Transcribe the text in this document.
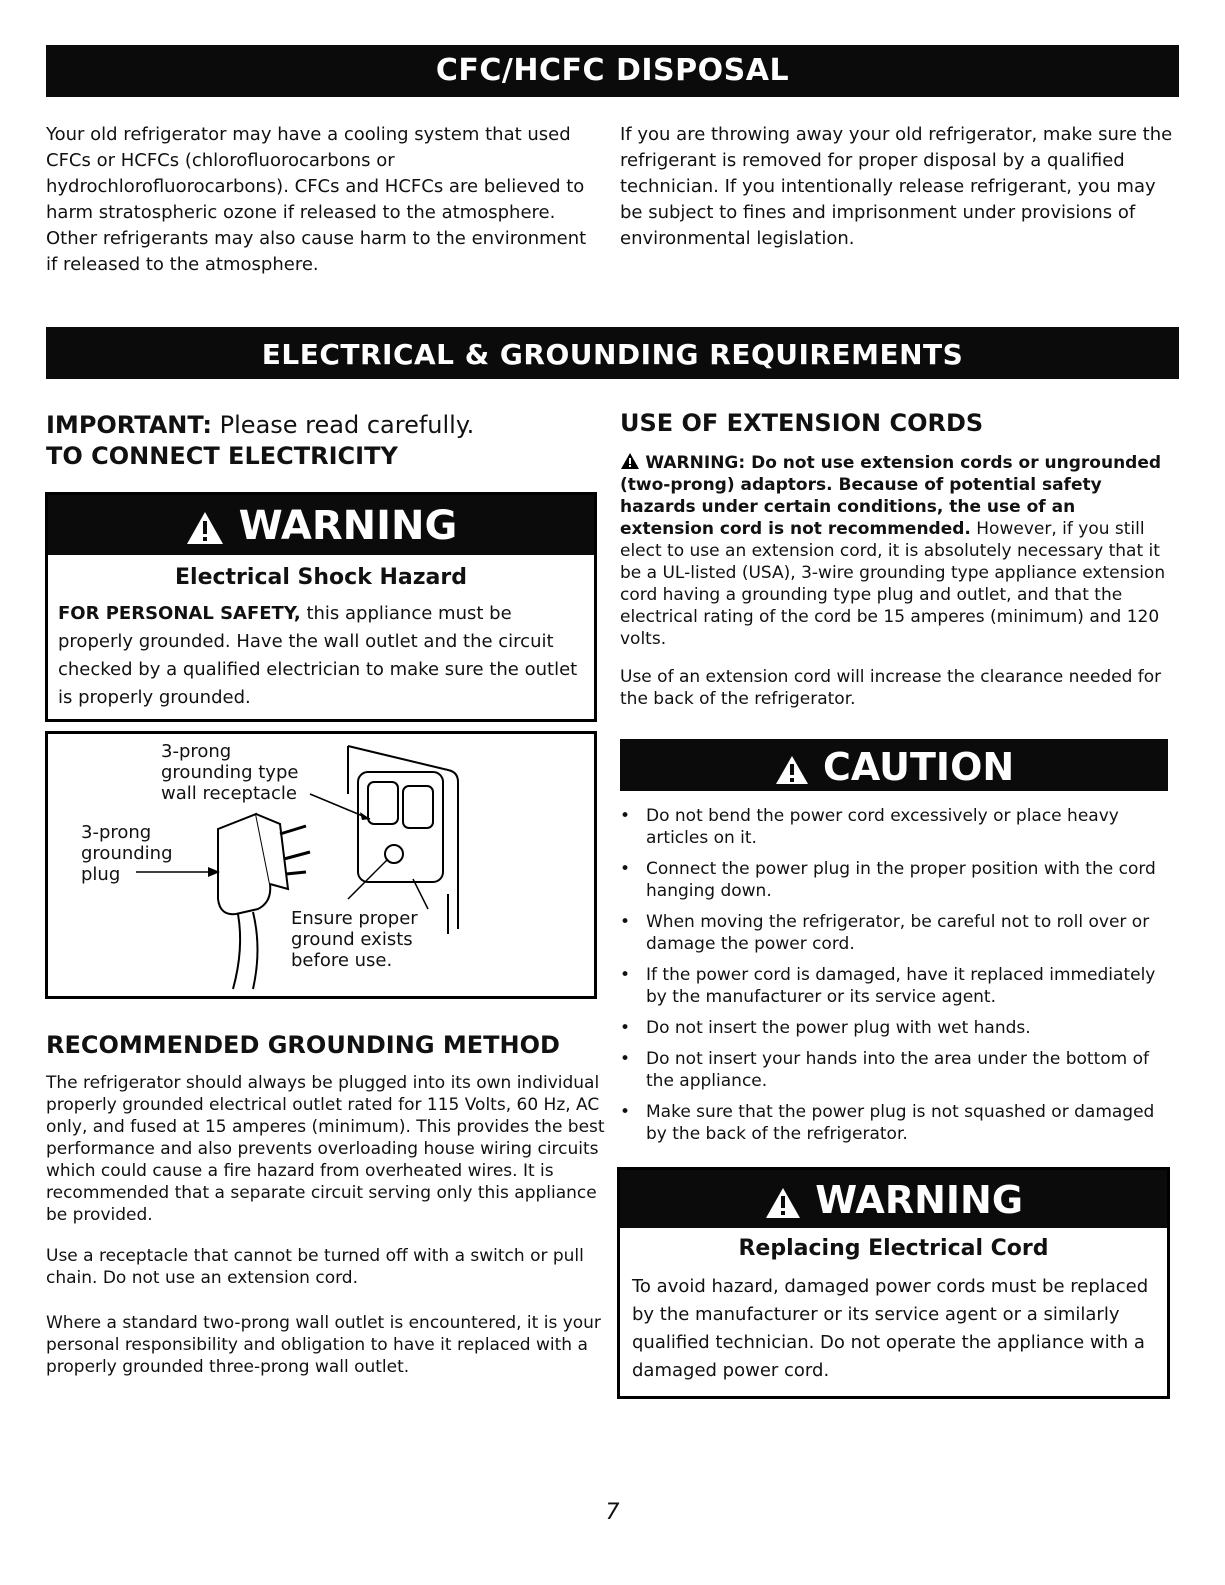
CFC/HCFC DISPOSAL

Your old refrigerator may have a cooling system that used CFCs or HCFCs (chlorofluorocarbons or hydrochlorofluorocarbons). CFCs and HCFCs are believed to harm stratospheric ozone if released to the atmosphere. Other refrigerants may also cause harm to the environment if released to the atmosphere.

If you are throwing away your old refrigerator, make sure the refrigerant is removed for proper disposal by a qualified technician. If you intentionally release refrigerant, you may be subject to fines and imprisonment under provisions of environmental legislation.

ELECTRICAL & GROUNDING REQUIREMENTS
IMPORTANT: Please read carefully.
TO CONNECT ELECTRICITY
WARNING
Electrical Shock Hazard
FOR PERSONAL SAFETY, this appliance must be properly grounded. Have the wall outlet and the circuit checked by a qualified electrician to make sure the outlet is properly grounded.
3-prong
grounding type
wall receptacle
3-prong
grounding
plug
Ensure proper
ground exists
before use.
RECOMMENDED GROUNDING METHOD

The refrigerator should always be plugged into its own individual properly grounded electrical outlet rated for 115 Volts, 60 Hz, AC only, and fused at 15 amperes (minimum). This provides the best performance and also prevents overloading house wiring circuits which could cause a fire hazard from overheated wires. It is recommended that a separate circuit serving only this appliance be provided.

Use a receptacle that cannot be turned off with a switch or pull chain. Do not use an extension cord.

Where a standard two-prong wall outlet is encountered, it is your personal responsibility and obligation to have it replaced with a properly grounded three-prong wall outlet.

USE OF EXTENSION CORDS

WARNING: Do not use extension cords or ungrounded (two-prong) adaptors. Because of potential safety hazards under certain conditions, the use of an extension cord is not recommended. However, if you still elect to use an extension cord, it is absolutely necessary that it be a UL-listed (USA), 3-wire grounding type appliance extension cord having a grounding type plug and outlet, and that the electrical rating of the cord be 15 amperes (minimum) and 120 volts.

Use of an extension cord will increase the clearance needed for the back of the refrigerator.

CAUTION
• Do not bend the power cord excessively or place heavy articles on it.
• Connect the power plug in the proper position with the cord hanging down.
• When moving the refrigerator, be careful not to roll over or damage the power cord.
• If the power cord is damaged, have it replaced immediately by the manufacturer or its service agent.
• Do not insert the power plug with wet hands.
• Do not insert your hands into the area under the bottom of the appliance.
• Make sure that the power plug is not squashed or damaged by the back of the refrigerator.
WARNING
Replacing Electrical Cord
To avoid hazard, damaged power cords must be replaced by the manufacturer or its service agent or a similarly qualified technician. Do not operate the appliance with a damaged power cord.
7
